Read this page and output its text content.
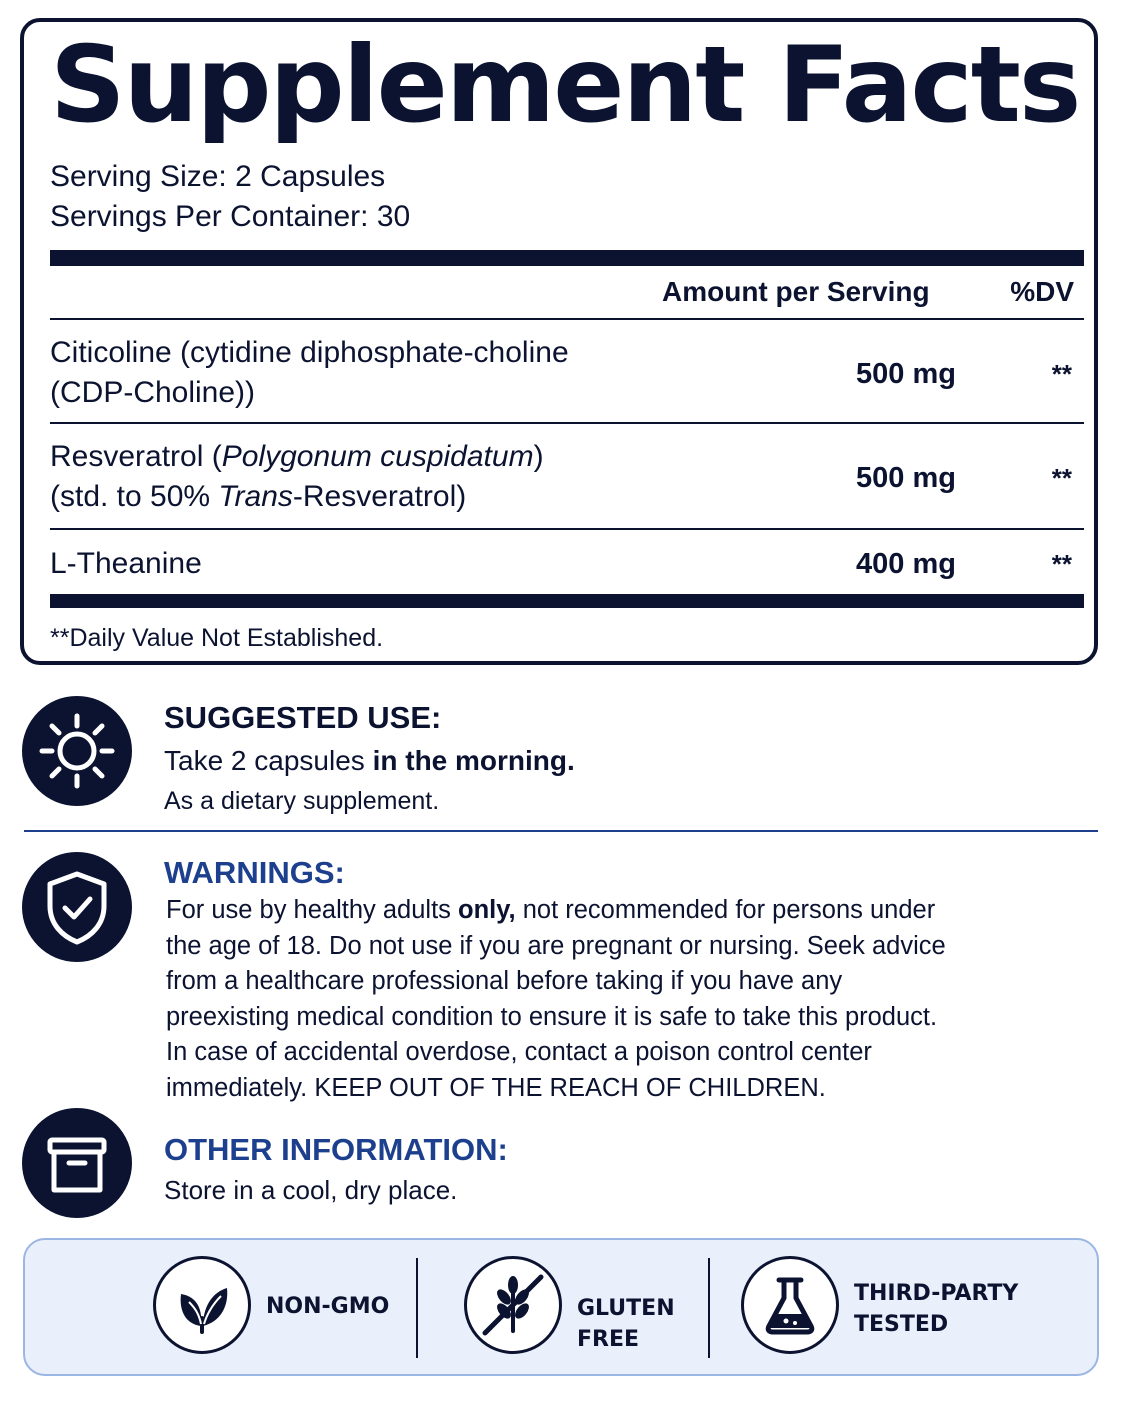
Supplement Facts
Serving Size: 2 Capsules
Servings Per Container: 30
Amount per Serving	%DV
Citicoline (cytidine diphosphate-choline
(CDP-Choline))
500 mg	**
Resveratrol (Polygonum cuspidatum)
(std. to 50% Trans-Resveratrol)
500 mg	**
L-Theanine	400 mg	**
**Daily Value Not Established.
SUGGESTED USE:
Take 2 capsules in the morning.
As a dietary supplement.
WARNINGS:
For use by healthy adults only, not recommended for persons under
the age of 18. Do not use if you are pregnant or nursing. Seek advice
from a healthcare professional before taking if you have any
preexisting medical condition to ensure it is safe to take this product.
In case of accidental overdose, contact a poison control center
immediately. KEEP OUT OF THE REACH OF CHILDREN.
OTHER INFORMATION:
Store in a cool, dry place.
NON-GMO	GLUTEN
FREE
THIRD-PARTY
TESTED
